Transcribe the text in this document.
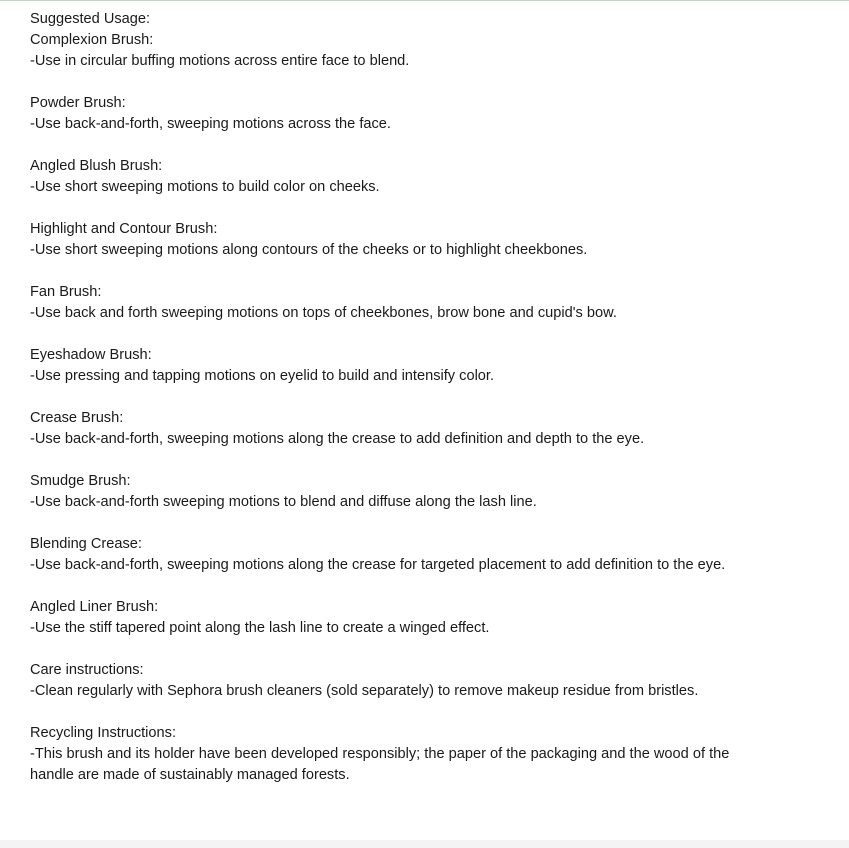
Suggested Usage:
Complexion Brush:
-Use in circular buffing motions across entire face to blend.
Powder Brush:
-Use back-and-forth, sweeping motions across the face.
Angled Blush Brush:
-Use short sweeping motions to build color on cheeks.
Highlight and Contour Brush:
-Use short sweeping motions along contours of the cheeks or to highlight cheekbones.
Fan Brush:
-Use back and forth sweeping motions on tops of cheekbones, brow bone and cupid's bow.
Eyeshadow Brush:
-Use pressing and tapping motions on eyelid to build and intensify color.
Crease Brush:
-Use back-and-forth, sweeping motions along the crease to add definition and depth to the eye.
Smudge Brush:
-Use back-and-forth sweeping motions to blend and diffuse along the lash line.
Blending Crease:
-Use back-and-forth, sweeping motions along the crease for targeted placement to add definition to the eye.
Angled Liner Brush:
-Use the stiff tapered point along the lash line to create a winged effect.
Care instructions:
-Clean regularly with Sephora brush cleaners (sold separately) to remove makeup residue from bristles.
Recycling Instructions:
-This brush and its holder have been developed responsibly; the paper of the packaging and the wood of the handle are made of sustainably managed forests.
